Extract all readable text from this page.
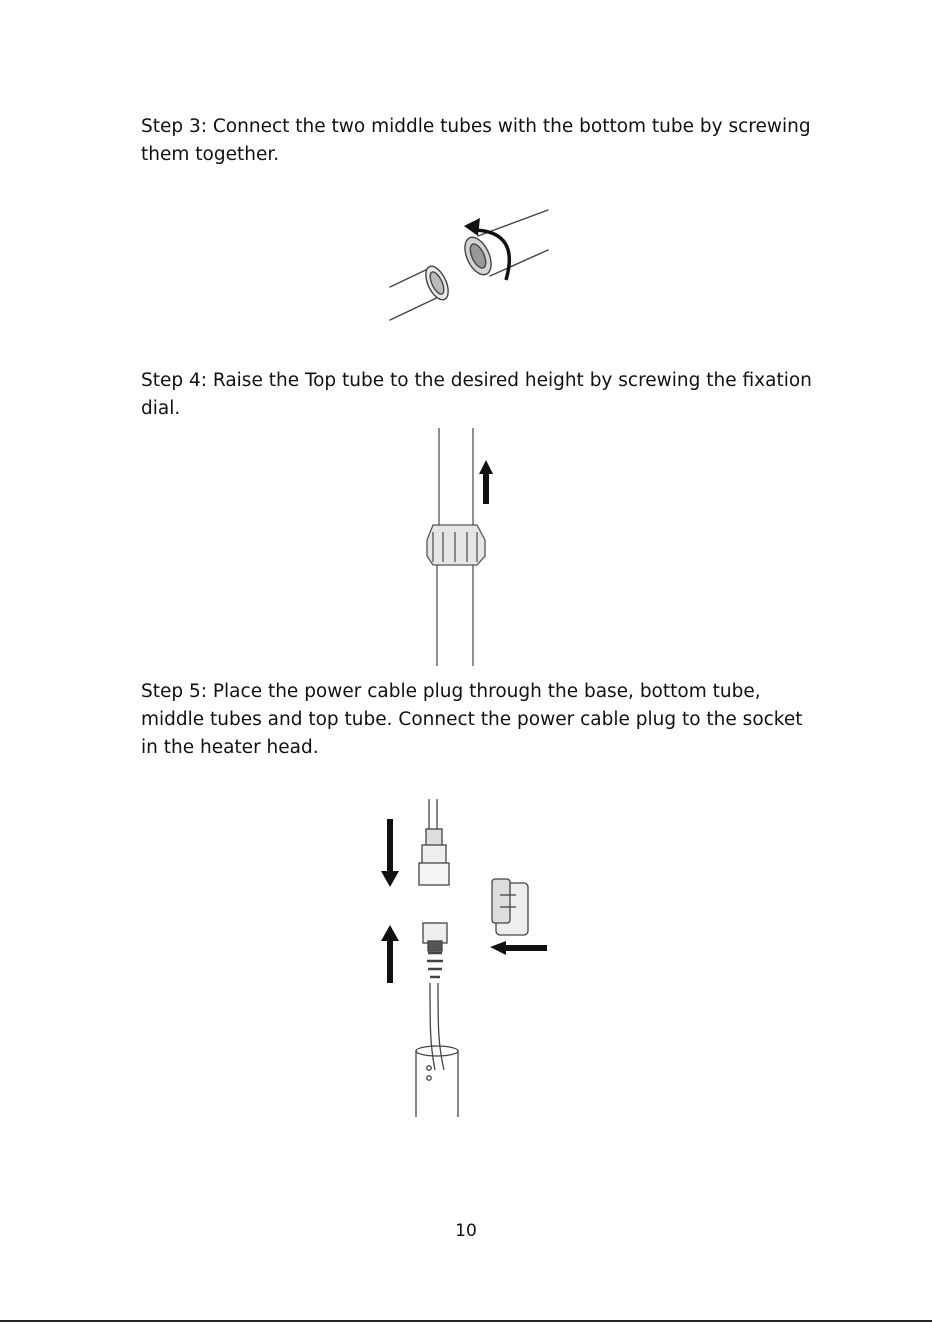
Step 3: Connect the two middle tubes with the bottom tube by screwing them together.

Step 4: Raise the Top tube to the desired height by screwing the fixation dial.

Step 5: Place the power cable plug through the base, bottom tube, middle tubes and top tube. Connect the power cable plug to the socket in the heater head.

10
